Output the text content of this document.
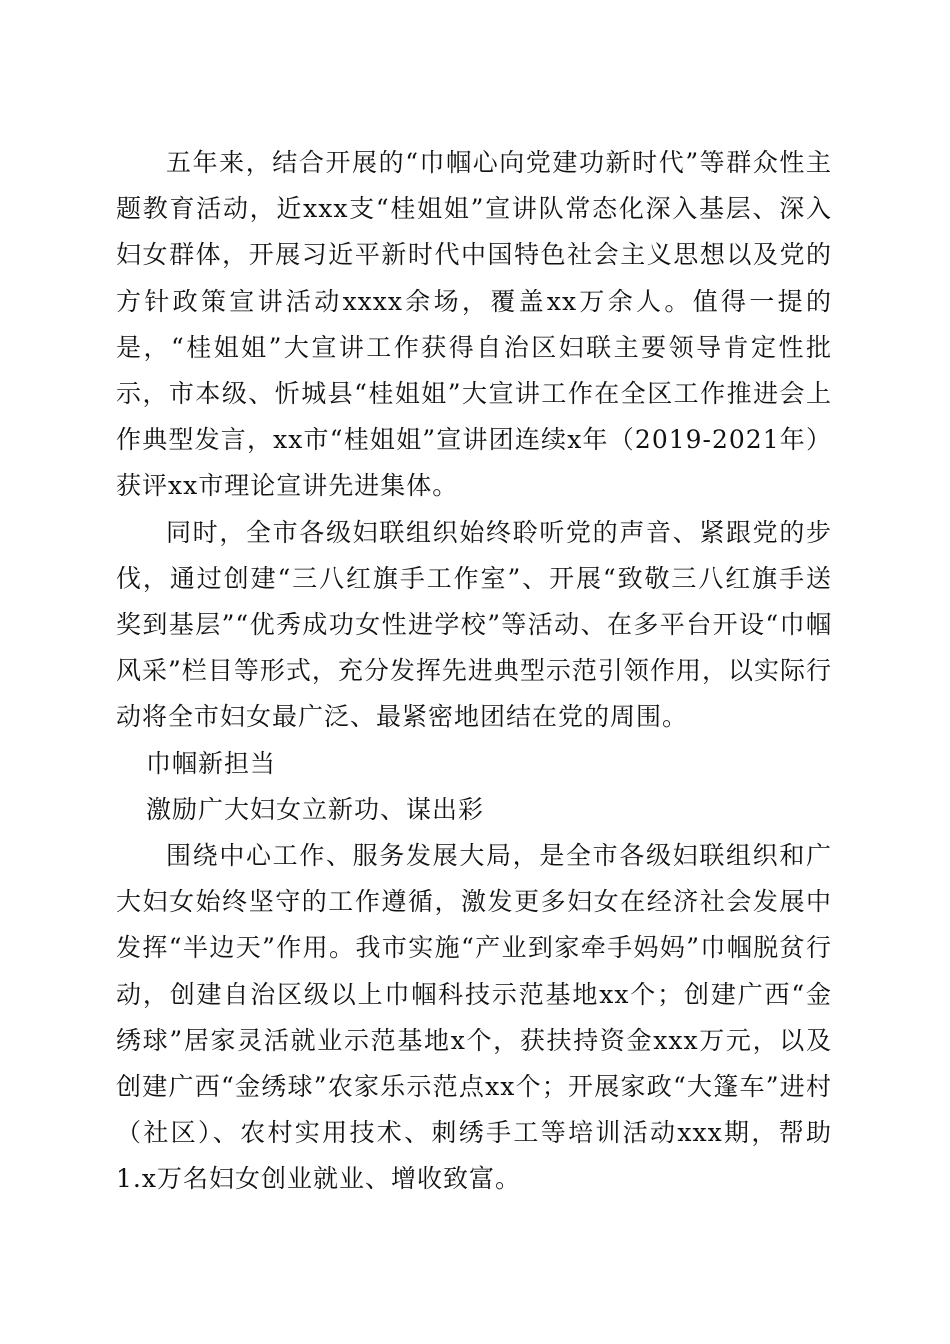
五年来，结合开展的“巾帼心向党建功新时代”等群众性主题教育活动，近xxx支“桂姐姐”宣讲队常态化深入基层、深入妇女群体，开展习近平新时代中国特色社会主义思想以及党的方针政策宣讲活动xxxx余场，覆盖xx万余人。值得一提的是，“桂姐姐”大宣讲工作获得自治区妇联主要领导肯定性批示，市本级、忻城县“桂姐姐”大宣讲工作在全区工作推进会上作典型发言，xx市“桂姐姐”宣讲团连续x年（2019-2021年）获评xx市理论宣讲先进集体。

同时，全市各级妇联组织始终聆听党的声音、紧跟党的步伐，通过创建“三八红旗手工作室”、开展“致敬三八红旗手送奖到基层”“优秀成功女性进学校”等活动、在多平台开设“巾帼风采”栏目等形式，充分发挥先进典型示范引领作用，以实际行动将全市妇女最广泛、最紧密地团结在党的周围。

巾帼新担当

激励广大妇女立新功、谋出彩

围绕中心工作、服务发展大局，是全市各级妇联组织和广大妇女始终坚守的工作遵循，激发更多妇女在经济社会发展中发挥“半边天”作用。我市实施“产业到家牵手妈妈”巾帼脱贫行动，创建自治区级以上巾帼科技示范基地xx个；创建广西“金绣球”居家灵活就业示范基地x个，获扶持资金xxx万元，以及创建广西“金绣球”农家乐示范点xx个；开展家政“大篷车”进村（社区）、农村实用技术、刺绣手工等培训活动xxx期，帮助1.x万名妇女创业就业、增收致富。
